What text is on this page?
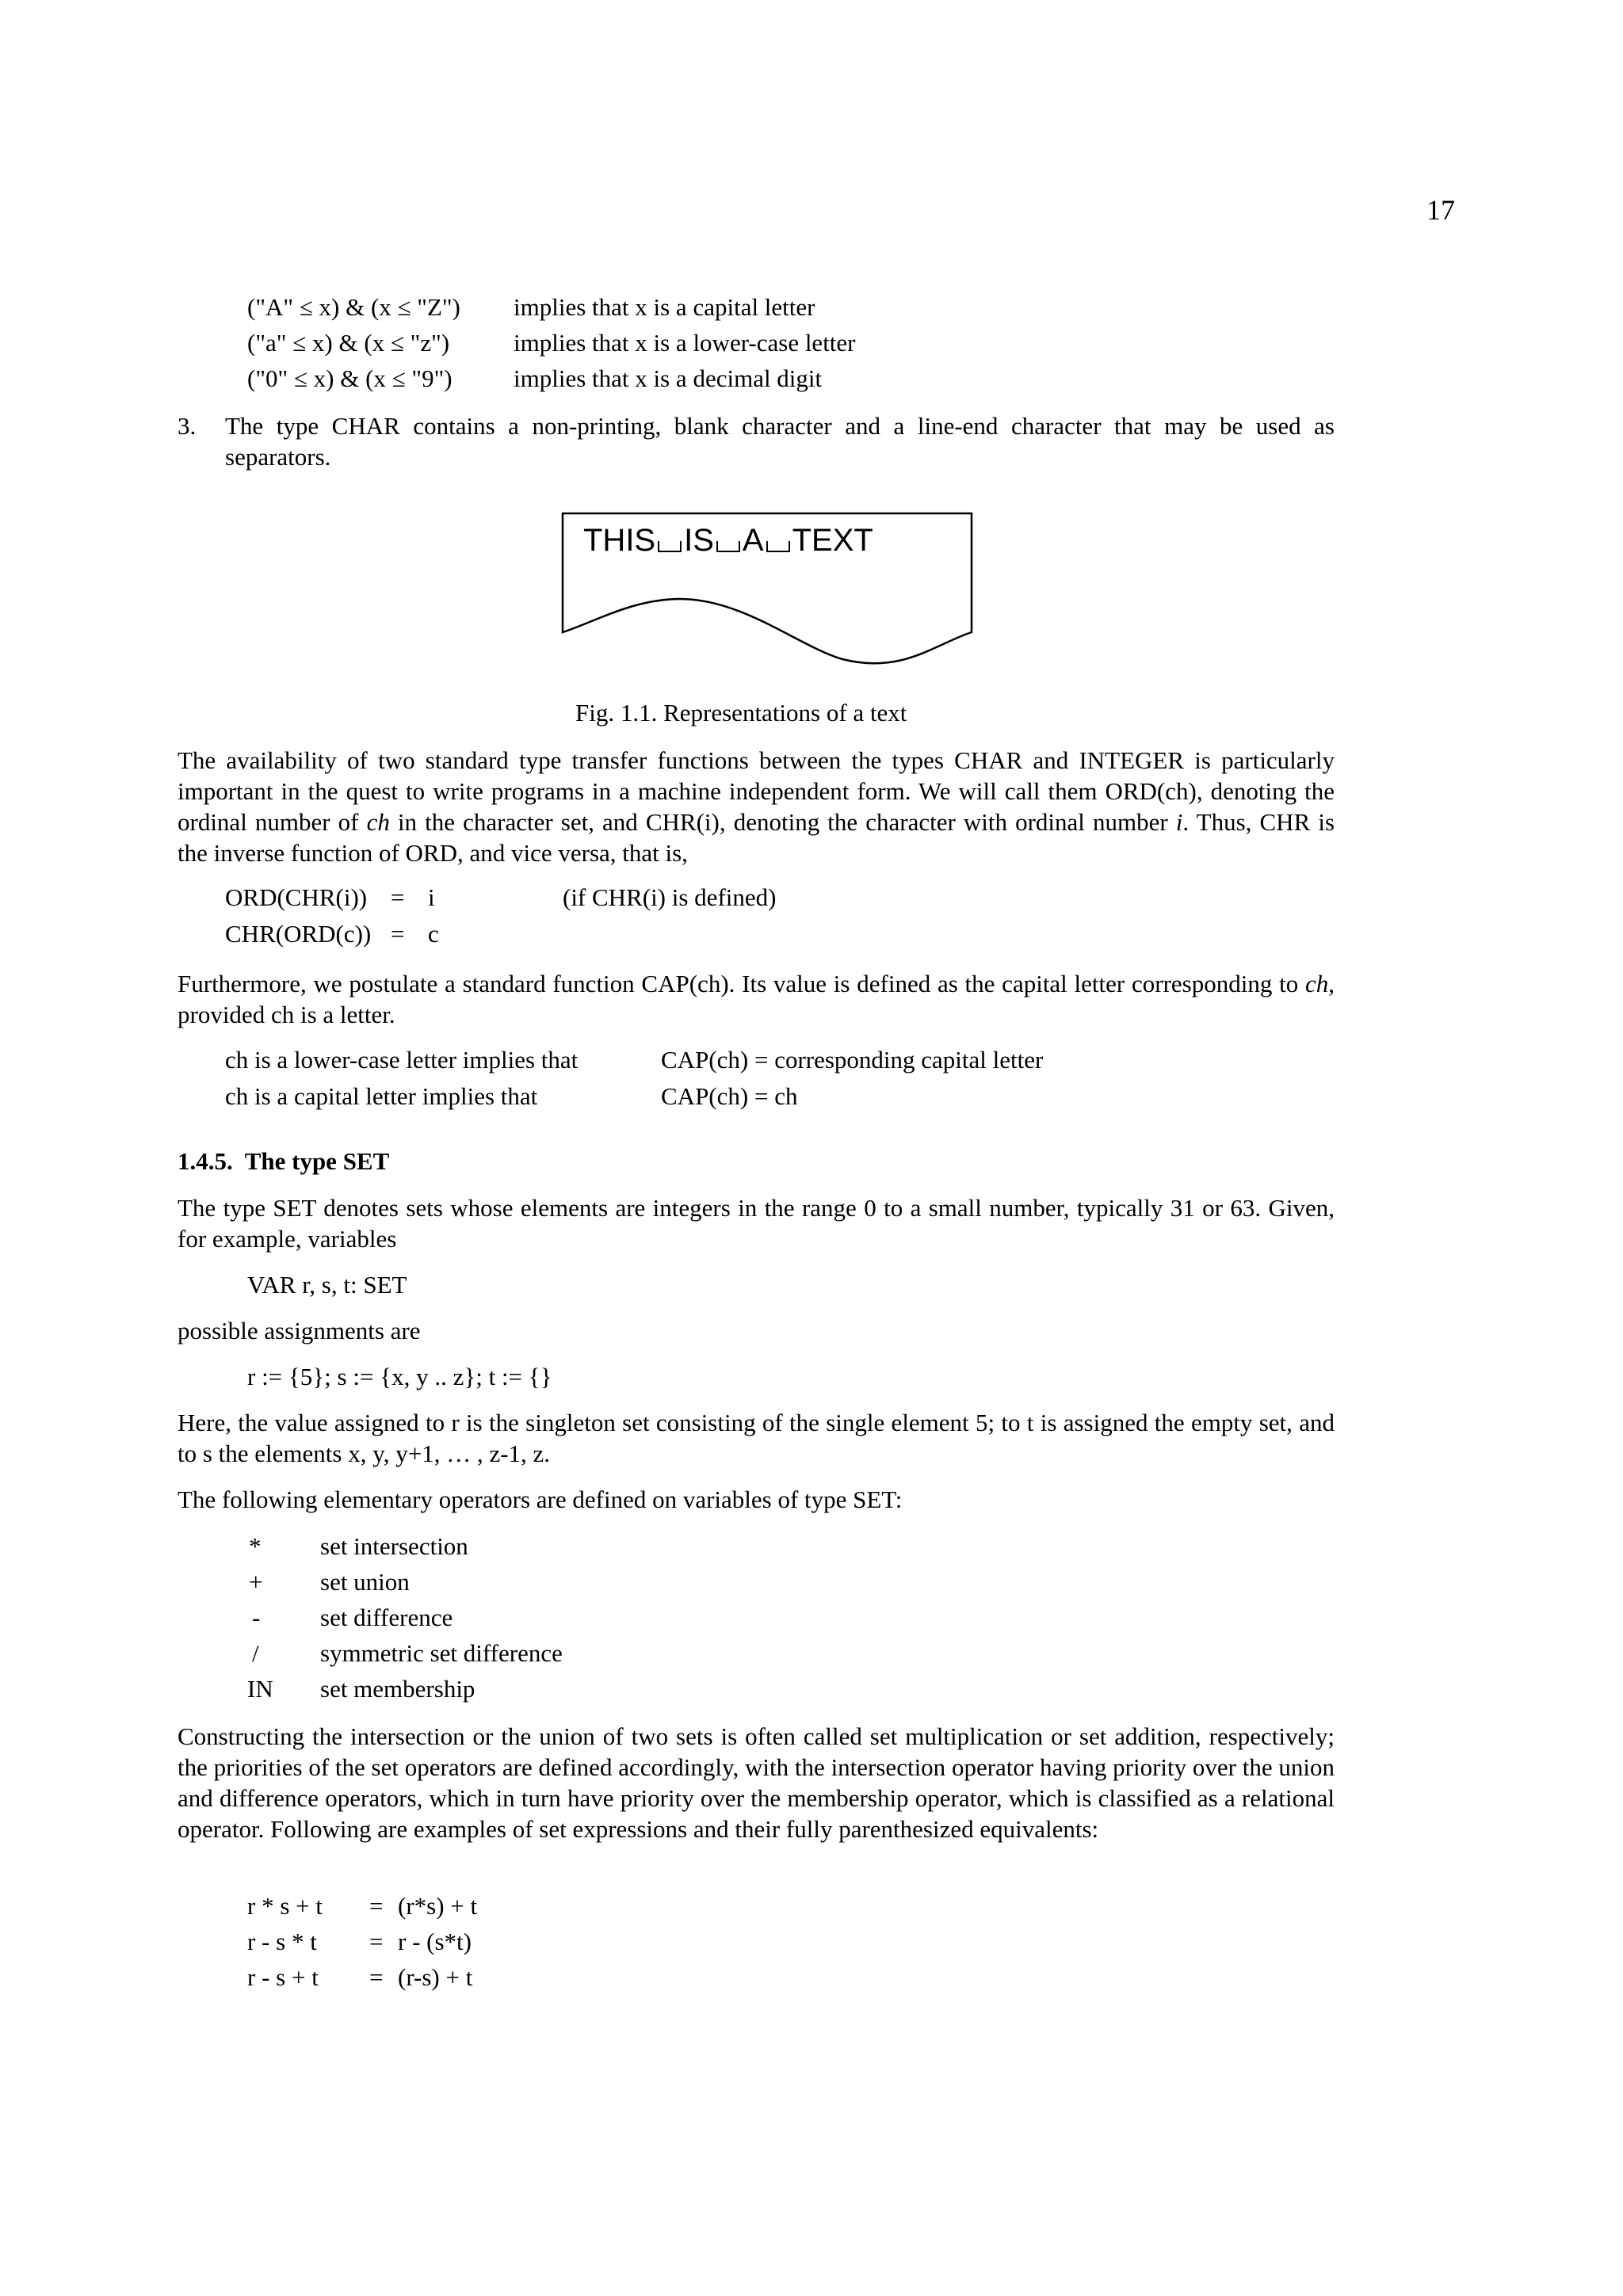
17
("A" ≤ x) & (x ≤ "Z") implies that x is a capital letter
("a" ≤ x) & (x ≤ "z")	implies that x is a lower-case letter
("0" ≤ x) & (x ≤ "9") implies that x is a decimal digit
3. The type CHAR contains a non-printing, blank character and a line-end character that may be used as
separators.
THIS IS A TEXT
Fig. 1.1. Representations of a text
The availability of two standard type transfer functions between the types CHAR and INTEGER is particularly important in the quest to write programs in a machine independent form. We will call them ORD(ch), denoting the ordinal number of ch in the character set, and CHR(i), denoting the character with ordinal number i. Thus, CHR is the inverse function of ORD, and vice versa, that is,
ORD(CHR(i)) = i	(if CHR(i) is defined)
CHR(ORD(c)) = c
Furthermore, we postulate a standard function CAP(ch). Its value is defined as the capital letter corresponding to ch, provided ch is a letter.
ch is a lower-case letter implies that	CAP(ch) = corresponding capital letter
ch is a capital letter implies that	CAP(ch) = ch
1.4.5.  The type SET
The type SET denotes sets whose elements are integers in the range 0 to a small number, typically 31 or 63. Given, for example, variables
VAR r, s, t: SET
possible assignments are
r := {5}; s := {x, y .. z}; t := {}
Here, the value assigned to r is the singleton set consisting of the single element 5; to t is assigned the empty set, and to s the elements x, y, y+1, … , z-1, z.
The following elementary operators are defined on variables of type SET:
* set intersection
+ set union
- set difference
/ symmetric set difference
IN set membership
Constructing the intersection or the union of two sets is often called set multiplication or set addition, respectively; the priorities of the set operators are defined accordingly, with the intersection operator having priority over the union and difference operators, which in turn have priority over the membership operator, which is classified as a relational operator. Following are examples of set expressions and their fully parenthesized equivalents:
r * s + t = (r*s) + t
r - s * t = r - (s*t)
r - s + t = (r-s) + t
